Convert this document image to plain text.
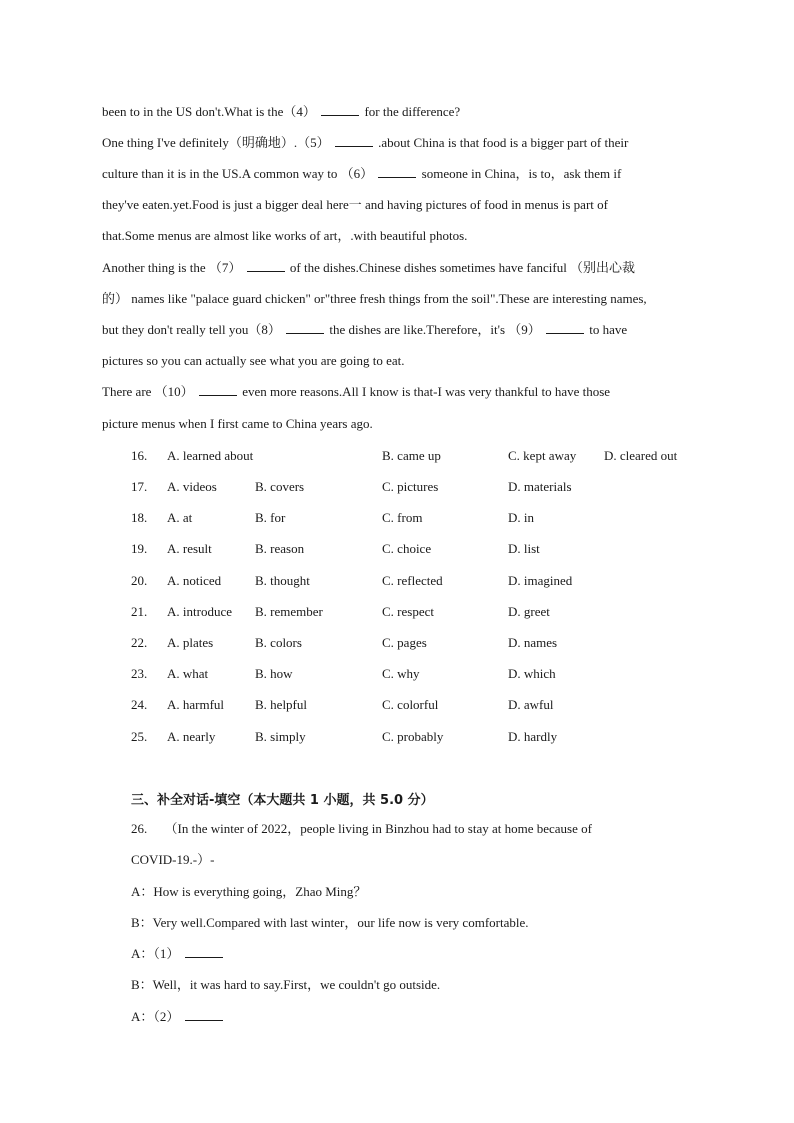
been to in the US don't.What is the（4）	for the difference?
One thing I've definitely（明确地）.（5）	.about China is that food is a bigger part of their
culture than it is in the US.A common way to （6）	someone in China，is to，ask them if
they've eaten.yet.Food is just a bigger deal here一 and having pictures of food in menus is part of
that.Some menus are almost like works of art，.with beautiful photos.
Another thing is the （7）	of the dishes.Chinese dishes sometimes have fanciful （别出心裁
的） names like "palace guard chicken" or"three fresh things from the soil".These are interesting names,
but they don't really tell you（8）	the dishes are like.Therefore，it's （9）	to have
pictures so you can actually see what you are going to eat.
There are （10）	even more reasons.All I know is that-I was very thankful to have those
picture menus when I first came to China years ago.
16. A. learned about	B. came up	C. kept away D. cleared out
17. A. videos	B. covers	C. pictures	D. materials
18. A. at	B. for	C. from	D. in
19. A. result	B. reason	C. choice	D. list
20. A. noticed	B. thought	C. reflected	D. imagined
21. A. introduce B. remember	C. respect	D. greet
22. A. plates	B. colors	C. pages	D. names
23. A. what	B. how	C. why	D. which
24. A. harmful B. helpful	C. colorful	D. awful
25. A. nearly	B. simply	C. probably	D. hardly
三、补全对话-填空（本大题共 1 小题，共 5.0 分）
26. （In the winter of 2022，people living in Binzhou had to stay at home because of
COVID-19.-）-
A：How is everything going，Zhao Ming？
B：Very well.Compared with last winter，our life now is very comfortable.
A：（1）
B：Well，it was hard to say.First，we couldn't go outside.
A：（2）
